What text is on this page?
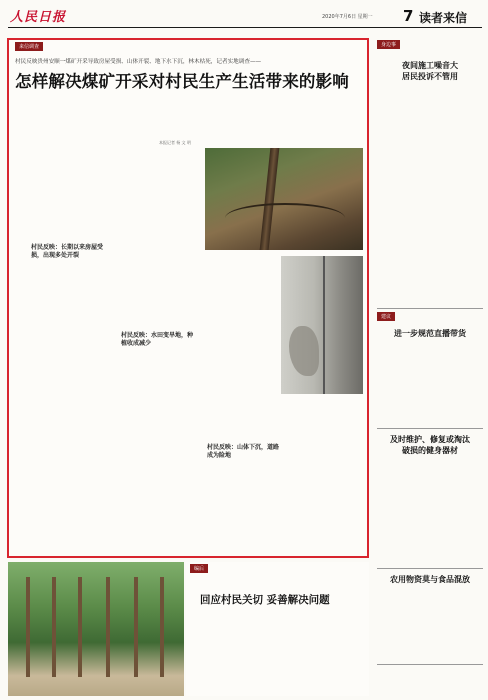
人民日报	2020年7月6日 星期一 7 读者来信
来信调查
村民反映贵州安顺一煤矿开采导致房屋受损、山体开裂、地下水下沉，林木枯死，记者实地调查——
怎样解决煤矿开采对村民生产生活带来的影响
本报记者 杨 文 明
村民反映：长期以来房屋受损，出现多处开裂
村民反映：水田变旱地，种植收成减少
村民反映：山体下沉，道路成为险地
编后
回应村民关切 妥善解决问题
身边事
夜间施工噪音大
居民投诉不管用
建议
进一步规范直播带货
及时维护、修复或淘汰
破损的健身器材
农用物资莫与食品混放
